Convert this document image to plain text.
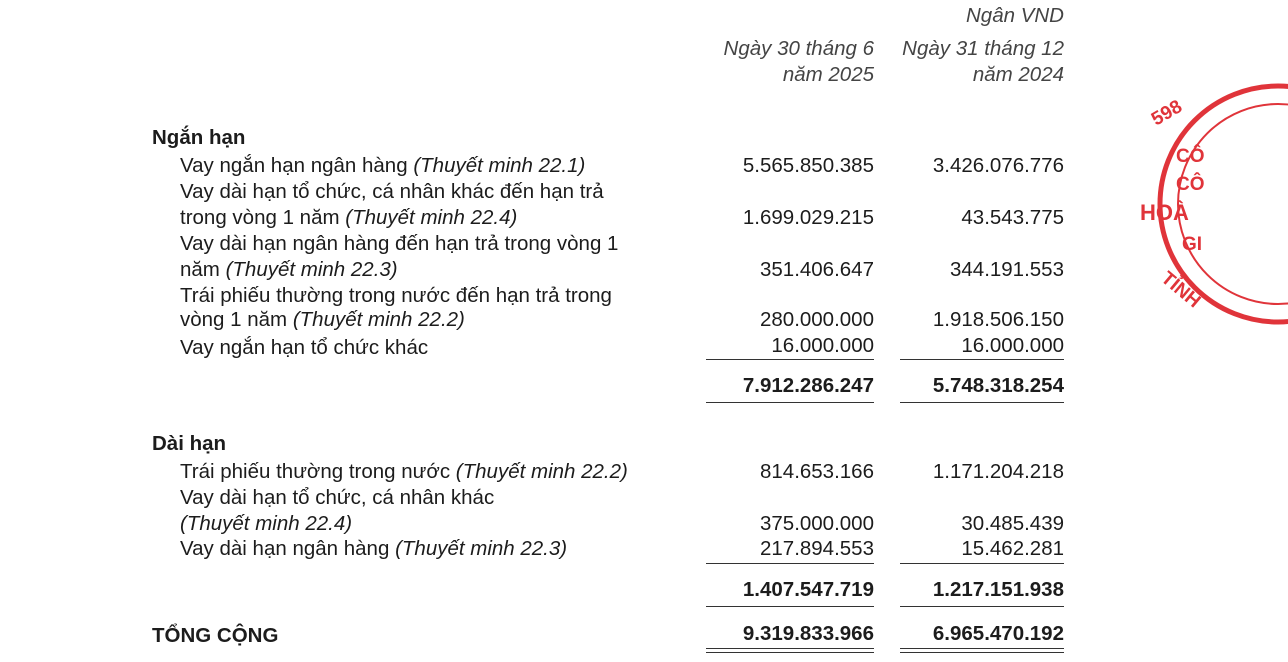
Ngân VND
Ngày 30 tháng 6
năm 2025
Ngày 31 tháng 12
năm 2024
Ngắn hạn
Vay ngắn hạn ngân hàng (Thuyết minh 22.1)	5.565.850.385	3.426.076.776
Vay dài hạn tổ chức, cá nhân khác đến hạn trả
trong vòng 1 năm (Thuyết minh 22.4)	1.699.029.215	43.543.775
Vay dài hạn ngân hàng đến hạn trả trong vòng 1
năm (Thuyết minh 22.3)	351.406.647	344.191.553
Trái phiếu thường trong nước đến hạn trả trong
vòng 1 năm (Thuyết minh 22.2)	280.000.000	1.918.506.150
Vay ngắn hạn tổ chức khác	16.000.000	16.000.000
7.912.286.247	5.748.318.254
Dài hạn
Trái phiếu thường trong nước (Thuyết minh 22.2)	814.653.166	1.171.204.218
Vay dài hạn tổ chức, cá nhân khác
(Thuyết minh 22.4)	375.000.000	30.485.439
Vay dài hạn ngân hàng (Thuyết minh 22.3)	217.894.553	15.462.281
1.407.547.719	1.217.151.938
TỔNG CỘNG	9.319.833.966	6.965.470.192
598
CÔ
CÔ
HOÀ
GI
TỈNH
